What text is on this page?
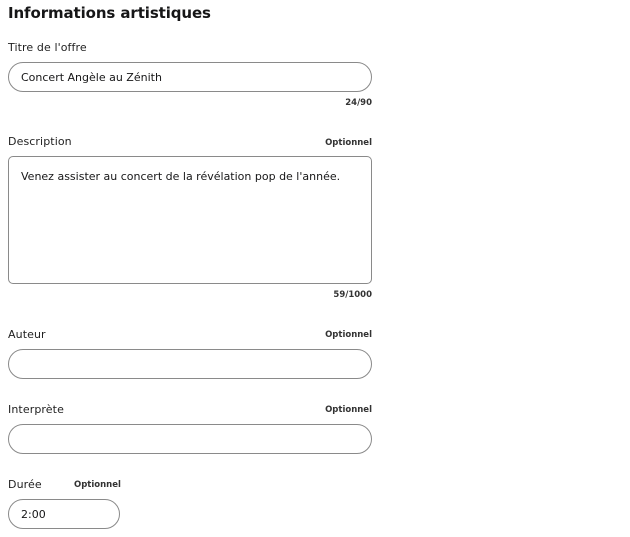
Informations artistiques
Titre de l'offre
Concert Angèle au Zénith
24/90
Description	Optionnel
Venez assister au concert de la révélation pop de l'année.
59/1000
Auteur	Optionnel
Interprète	Optionnel
Durée	Optionnel
2:00
